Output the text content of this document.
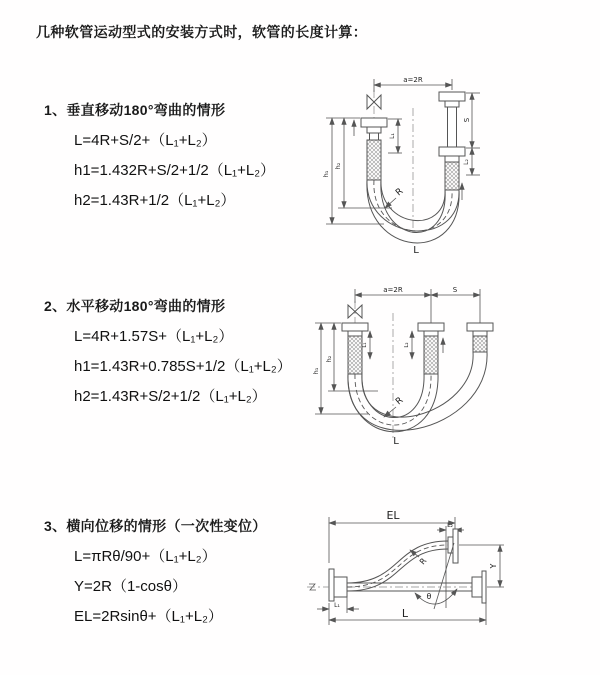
几种软管运动型式的安装方式时，软管的长度计算：
1、垂直移动180°弯曲的情形
L=4R+S/2+（L₁+L₂）
h1=1.432R+S/2+1/2（L₁+L₂）
h2=1.43R+1/2（L₁+L₂）
2、水平移动180°弯曲的情形
L=4R+1.57S+（L₁+L₂）
h1=1.43R+0.785S+1/2（L₁+L₂）
h2=1.43R+S/2+1/2（L₁+L₂）
3、横向位移的情形（一次性变位）
L=πRθ/90+（L₁+L₂）
Y=2R（1-cosθ）
EL=2Rsinθ+（L₁+L₂）
a=2R
L₁
S
L₂
h₁
h₂
R
L
a=2R	S
L₁	L₂
h₁
h₂
R
L
EL
L₂
Y
L
L₁
R
θ
